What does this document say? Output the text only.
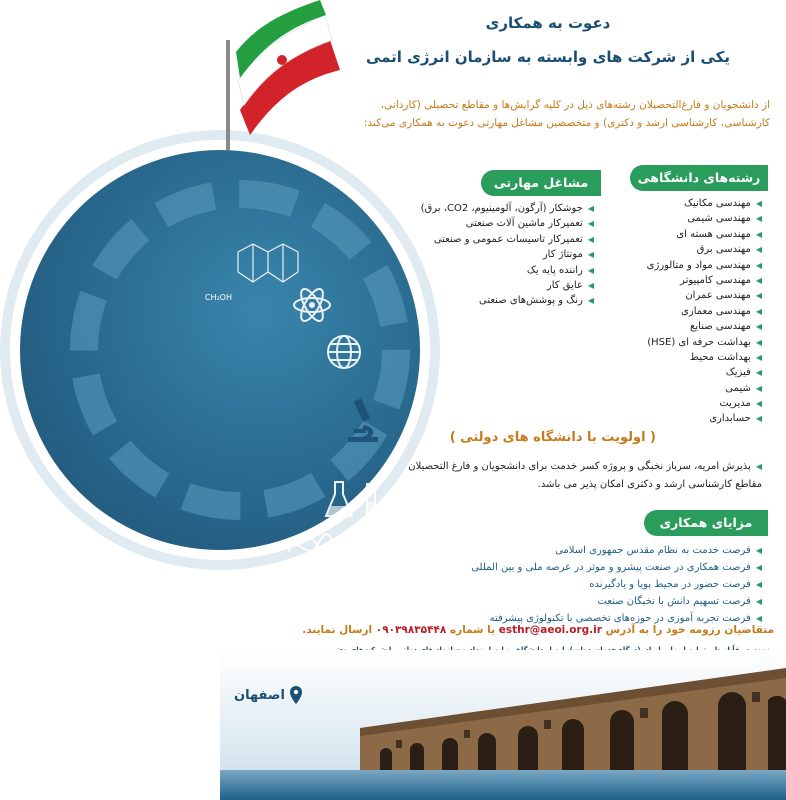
CH₂OH
دعوت به همکاری
یکی از شرکت های وابسته به سازمان انرژی اتمی
از دانشجویان و فارغ‌التحصیلان رشته‌های ذیل در کلیه گرایش‌ها و مقاطع تحصیلی (کاردانی، کارشناسی، کارشناسی ارشد و دکتری) و متخصصین مشاغل مهارتی دعوت به همکاری می‌کند:
رشته‌های دانشگاهی
◀ مهندسی مکانیک
◀ مهندسی شیمی
◀ مهندسی هسته ای
◀ مهندسی برق
◀ مهندسی مواد و متالورژی
◀ مهندسی کامپیوتر
◀ مهندسی عمران
◀ مهندسی معماری
◀ مهندسی صنایع
◀ بهداشت حرفه ای (HSE)
◀ بهداشت محیط
◀ فیزیک
◀ شیمی
◀ مدیریت
◀ حسابداری
مشاغل مهارتی
◀ جوشکار (آرگون، آلومینیوم، CO2، برق)
◀ تعمیرکار ماشین آلات صنعتی
◀ تعمیرکار تاسیسات عمومی و صنعتی
◀ مونتاژ کار
◀ راننده پایه یک
◀ عایق کار
◀ رنگ و پوشش‌های صنعتی
( اولویت با دانشگاه های دولتی )
◀ پذیرش امریه، سرباز نخبگی و پروژه کسر خدمت برای دانشجویان و فارغ التحصیلان مقاطع کارشناسی ارشد و دکتری امکان پذیر می باشد.
مزایای همکاری
◀ فرصت خدمت به نظام مقدس جمهوری اسلامی
◀ فرصت همکاری در صنعت پیشرو و موثر در عرصه ملی و بین المللی
◀ فرصت حضور در محیط پویا و یادگیرنده
◀ فرصت تسهیم دانش با نخبگان صنعت
◀ فرصت تجربه آموزی در حوزه‌های تخصصی با تکنولوژی پیشرفته
متقاضیان رزومه خود را به آدرس esthr@aeoi.org.ir یا شماره ۰۹۰۳۹۸۳۵۴۴۸ ارسال نمایند.
اصفهان
